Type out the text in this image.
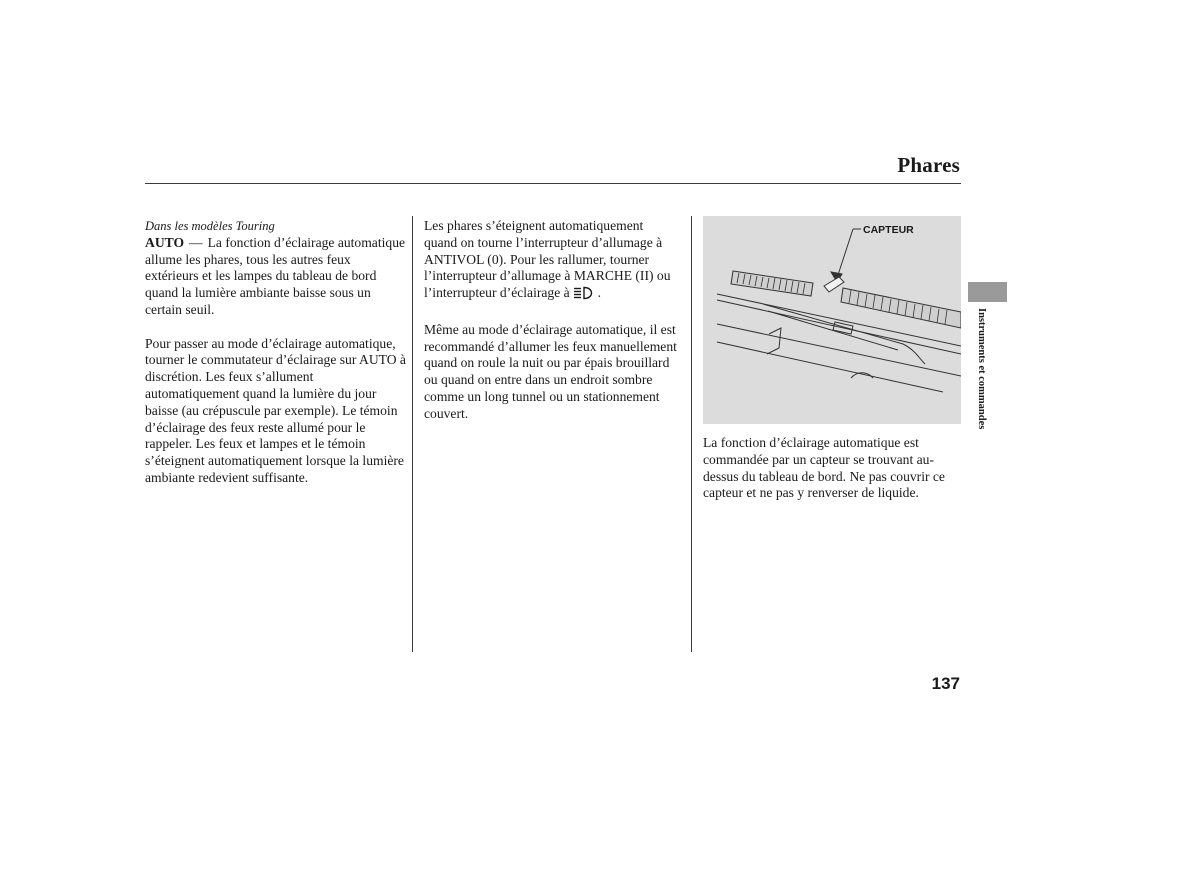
Phares

Dans les modèles Touring

AUTO — La fonction d’éclairage automatique allume les phares, tous les autres feux extérieurs et les lampes du tableau de bord quand la lumière ambiante baisse sous un certain seuil.

Pour passer au mode d’éclairage automatique, tourner le commutateur d’éclairage sur AUTO à discrétion. Les feux s’allument automatiquement quand la lumière du jour baisse (au crépuscule par exemple). Le témoin d’éclairage des feux reste allumé pour le rappeler. Les feux et lampes et le témoin s’éteignent automatiquement lorsque la lumière ambiante redevient suffisante.

Les phares s’éteignent automatiquement quand on tourne l’interrupteur d’allumage à ANTIVOL (0). Pour les rallumer, tourner l’interrupteur d’allumage à MARCHE (II) ou l’interrupteur d’éclairage à .

Même au mode d’éclairage automatique, il est recommandé d’allumer les feux manuellement quand on roule la nuit ou par épais brouillard ou quand on entre dans un endroit sombre comme un long tunnel ou un stationnement couvert.

CAPTEUR

La fonction d’éclairage automatique est commandée par un capteur se trouvant au-dessus du tableau de bord. Ne pas couvrir ce capteur et ne pas y renverser de liquide.

Instruments et commandes
137
